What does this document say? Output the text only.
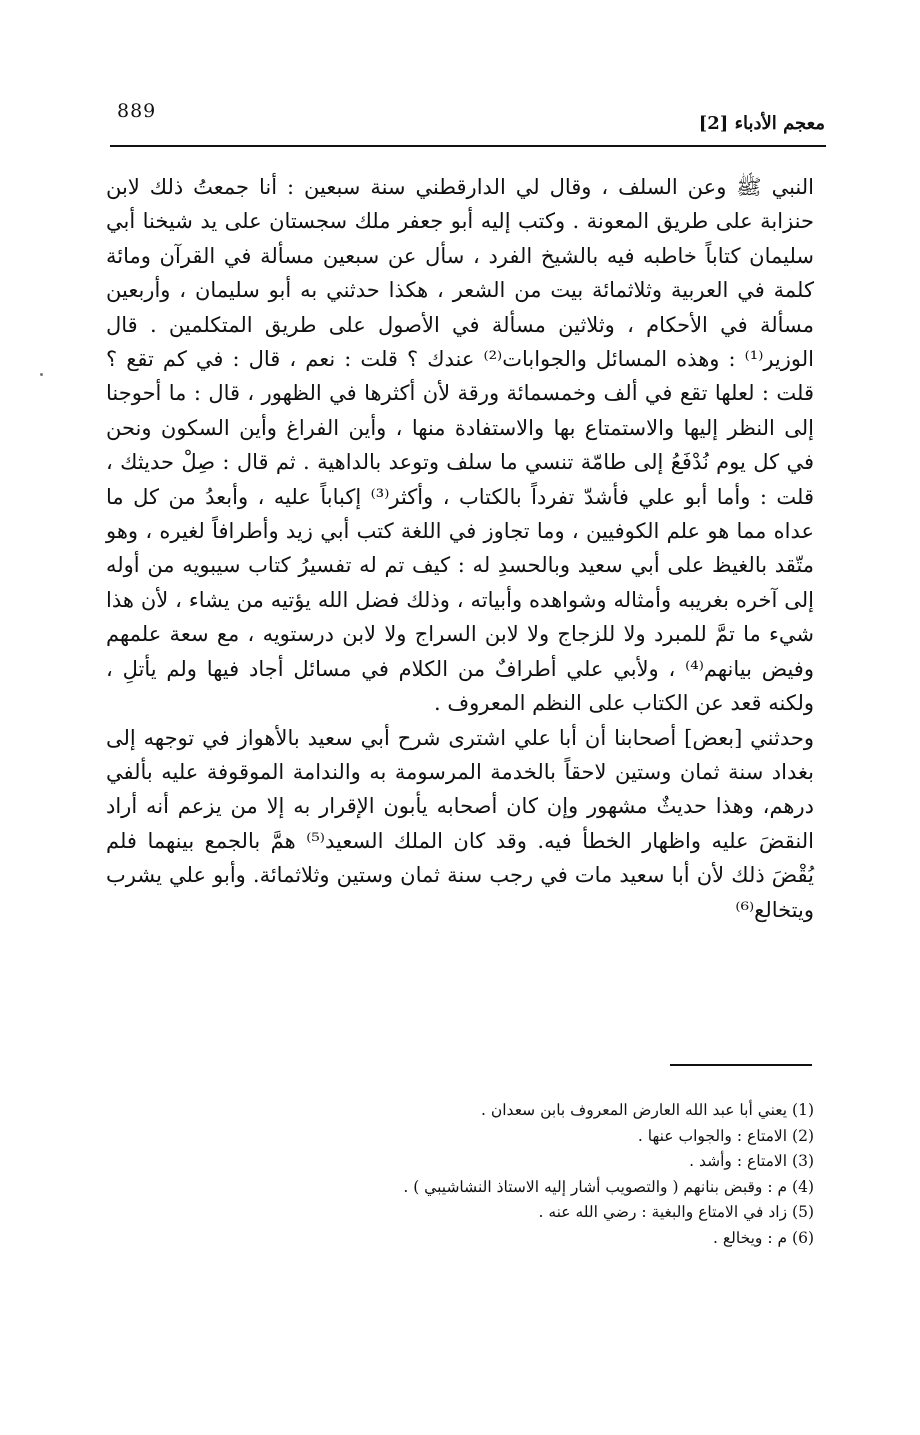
889
معجم الأدباء [2]

النبي ﷺ وعن السلف ، وقال لي الدارقطني سنة سبعين : أنا جمعتُ ذلك لابن حنزابة على طريق المعونة . وكتب إليه أبو جعفر ملك سجستان على يد شيخنا أبي سليمان كتاباً خاطبه فيه بالشيخ الفرد ، سأل عن سبعين مسألة في القرآن ومائة كلمة في العربية وثلاثمائة بيت من الشعر ، هكذا حدثني به أبو سليمان ، وأربعين مسألة في الأحكام ، وثلاثين مسألة في الأصول على طريق المتكلمين . قال الوزير⁽¹⁾ : وهذه المسائل والجوابات⁽²⁾ عندك ؟ قلت : نعم ، قال : في كم تقع ؟ قلت : لعلها تقع في ألف وخمسمائة ورقة لأن أكثرها في الظهور ، قال : ما أحوجنا إلى النظر إليها والاستمتاع بها والاستفادة منها ، وأين الفراغ وأين السكون ونحن في كل يوم نُدْفَعُ إلى طامّة تنسي ما سلف وتوعد بالداهية . ثم قال : صِلْ حديثك ، قلت : وأما أبو علي فأشدّ تفرداً بالكتاب ، وأكثر⁽³⁾ إكباباً عليه ، وأبعدُ من كل ما عداه مما هو علم الكوفيين ، وما تجاوز في اللغة كتب أبي زيد وأطرافاً لغيره ، وهو متّقد بالغيظ على أبي سعيد وبالحسدِ له : كيف تم له تفسيرُ كتاب سيبويه من أوله إلى آخره بغريبه وأمثاله وشواهده وأبياته ، وذلك فضل الله يؤتيه من يشاء ، لأن هذا شيء ما تمَّ للمبرد ولا للزجاج ولا لابن السراج ولا لابن درستويه ، مع سعة علمهم وفيض بيانهم⁽⁴⁾ ، ولأبي علي أطرافٌ من الكلام في مسائل أجاد فيها ولم يأتلِ ، ولكنه قعد عن الكتاب على النظم المعروف .

وحدثني [بعض] أصحابنا أن أبا علي اشترى شرح أبي سعيد بالأهواز في توجهه إلى بغداد سنة ثمان وستين لاحقاً بالخدمة المرسومة به والندامة الموقوفة عليه بألفي درهم، وهذا حديثٌ مشهور وإن كان أصحابه يأبون الإقرار به إلا من يزعم أنه أراد النقضَ عليه واظهار الخطأ فيه. وقد كان الملك السعيد⁽⁵⁾ همَّ بالجمع بينهما فلم يُقْضَ ذلك لأن أبا سعيد مات في رجب سنة ثمان وستين وثلاثمائة. وأبو علي يشرب ويتخالع⁽⁶⁾

(1) يعني أبا عبد الله العارض المعروف بابن سعدان .
(2) الامتاع : والجواب عنها .
(3) الامتاع : وأشد .
(4) م : وقبض بنانهم ( والتصويب أشار إليه الاستاذ النشاشيبي ) .
(5) زاد في الامتاع والبغية : رضي الله عنه .
(6) م : ويخالع .
